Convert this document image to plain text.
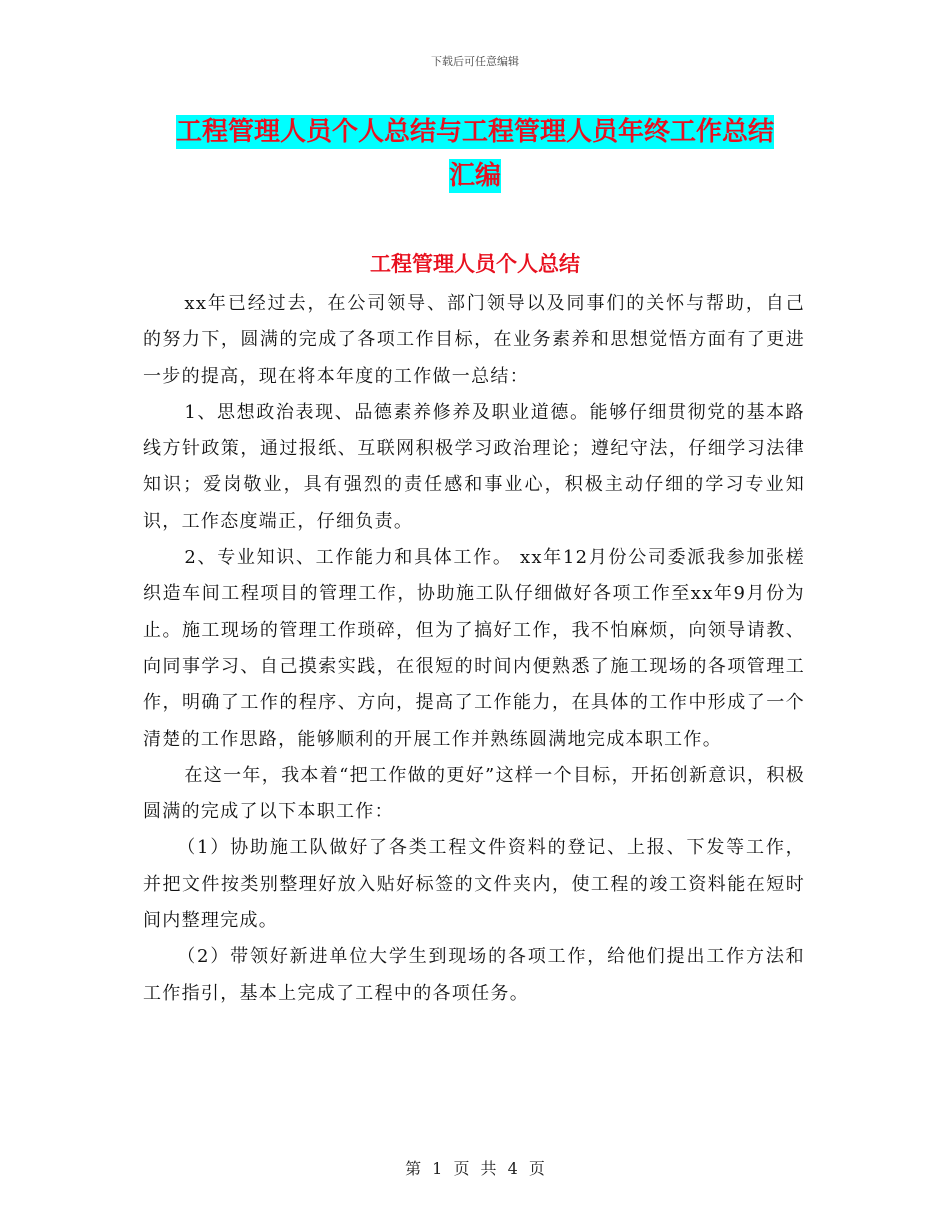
下载后可任意编辑
工程管理人员个人总结与工程管理人员年终工作总结
汇编
工程管理人员个人总结

xx年已经过去，在公司领导、部门领导以及同事们的关怀与帮助，自己的努力下，圆满的完成了各项工作目标，在业务素养和思想觉悟方面有了更进一步的提高，现在将本年度的工作做一总结：

1、思想政治表现、品德素养修养及职业道德。能够仔细贯彻党的基本路线方针政策，通过报纸、互联网积极学习政治理论；遵纪守法，仔细学习法律知识；爱岗敬业，具有强烈的责任感和事业心，积极主动仔细的学习专业知识，工作态度端正，仔细负责。

2、专业知识、工作能力和具体工作。 xx年12月份公司委派我参加张槎织造车间工程项目的管理工作，协助施工队仔细做好各项工作至xx年9月份为止。施工现场的管理工作琐碎，但为了搞好工作，我不怕麻烦，向领导请教、向同事学习、自己摸索实践，在很短的时间内便熟悉了施工现场的各项管理工作，明确了工作的程序、方向，提高了工作能力，在具体的工作中形成了一个清楚的工作思路，能够顺利的开展工作并熟练圆满地完成本职工作。

在这一年，我本着“把工作做的更好”这样一个目标，开拓创新意识，积极圆满的完成了以下本职工作：

（1）协助施工队做好了各类工程文件资料的登记、上报、下发等工作，并把文件按类别整理好放入贴好标签的文件夹内，使工程的竣工资料能在短时间内整理完成。

（2）带领好新进单位大学生到现场的各项工作，给他们提出工作方法和工作指引，基本上完成了工程中的各项任务。

第 1 页 共 4 页
